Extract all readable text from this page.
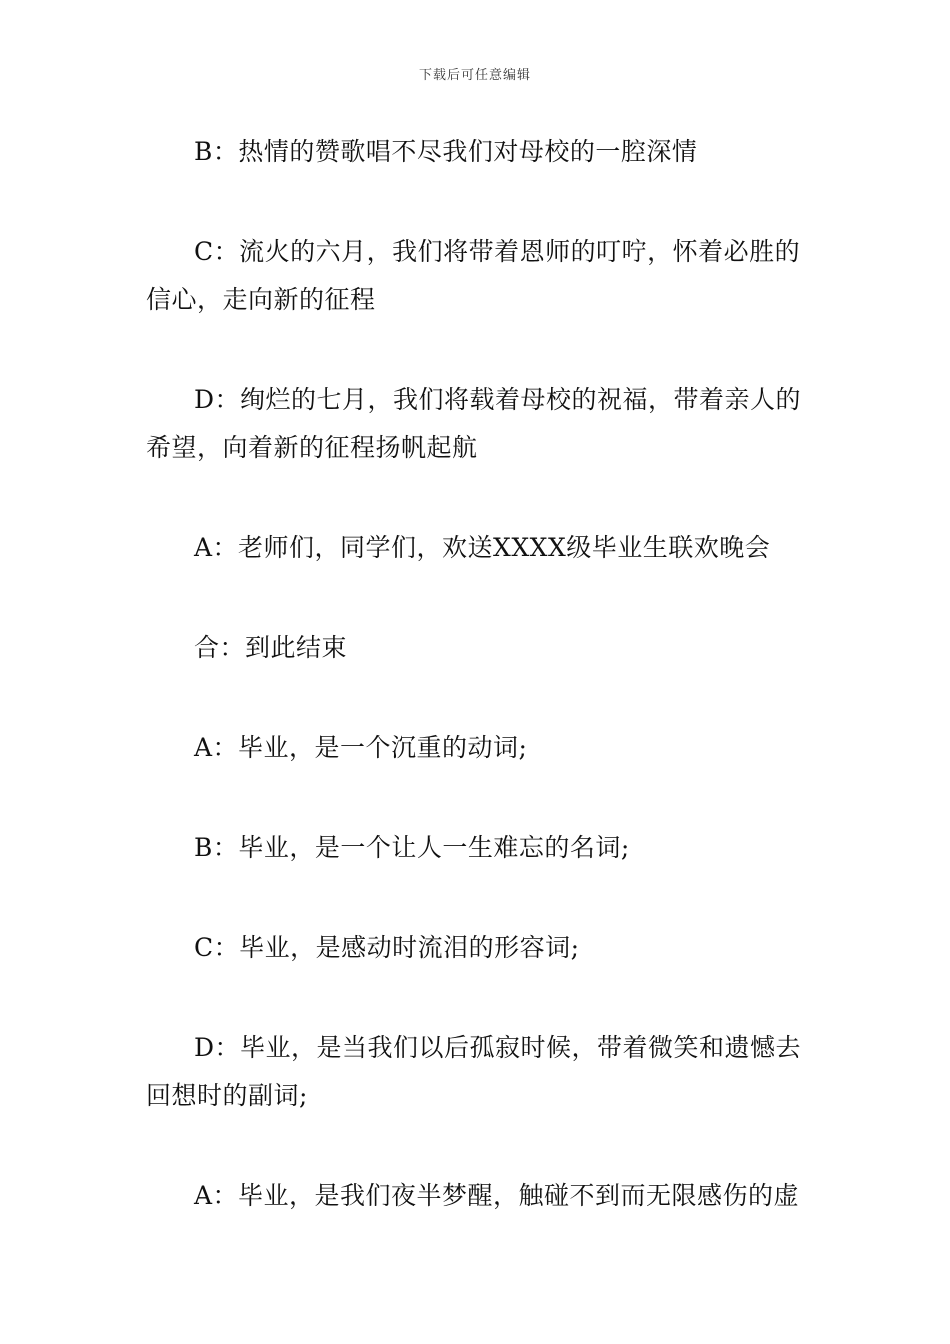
下载后可任意编辑

B：热情的赞歌唱不尽我们对母校的一腔深情

C：流火的六月，我们将带着恩师的叮咛，怀着必胜的信心，走向新的征程

D：绚烂的七月，我们将载着母校的祝福，带着亲人的希望，向着新的征程扬帆起航

A：老师们，同学们，欢送XXXX级毕业生联欢晚会

合：到此结束

A：毕业，是一个沉重的动词;

B：毕业，是一个让人一生难忘的名词;

C：毕业，是感动时流泪的形容词;

D：毕业，是当我们以后孤寂时候，带着微笑和遗憾去回想时的副词;

A：毕业，是我们夜半梦醒，触碰不到而无限感伤的虚
